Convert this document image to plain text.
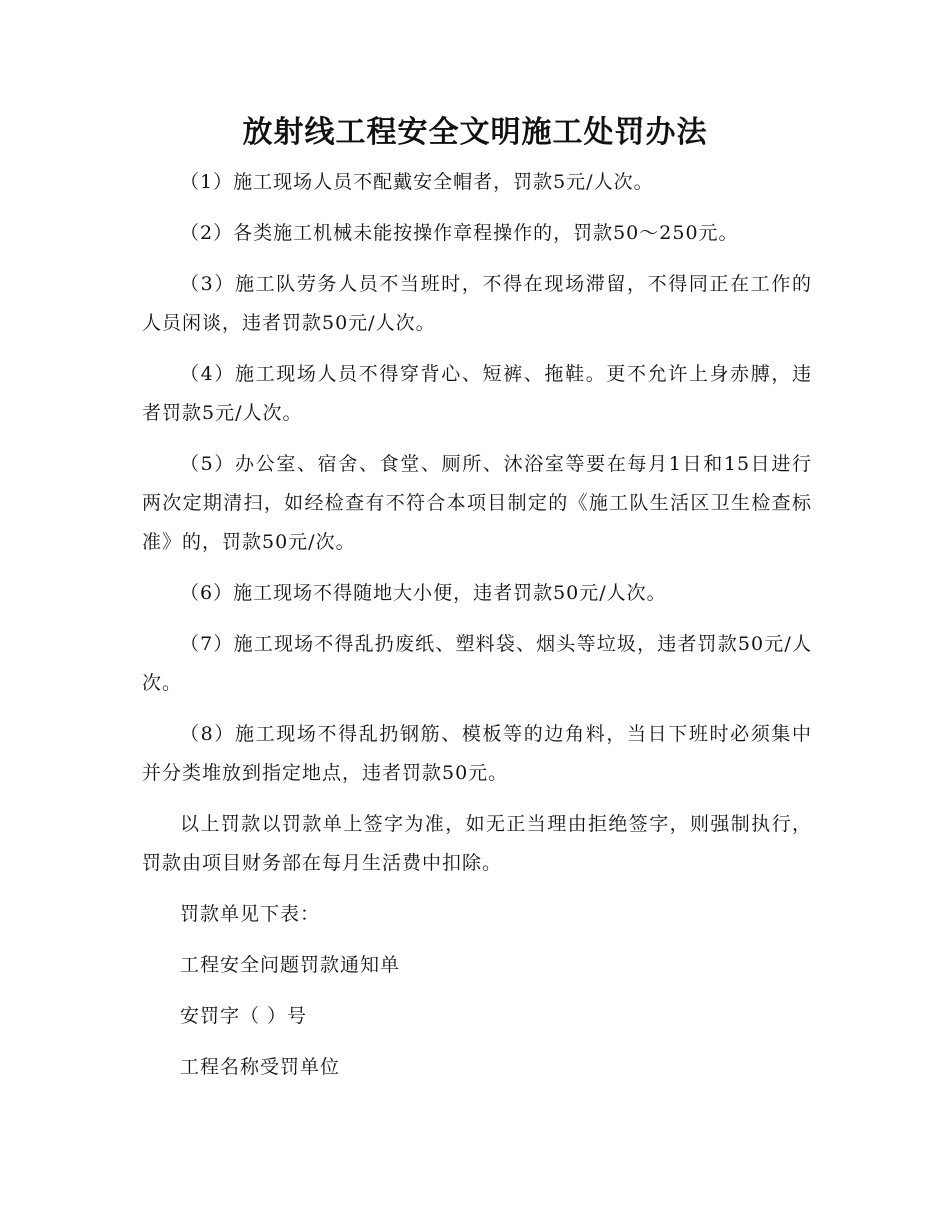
放射线工程安全文明施工处罚办法

（1）施工现场人员不配戴安全帽者，罚款5元/人次。

（2）各类施工机械未能按操作章程操作的，罚款50～250元。

（3）施工队劳务人员不当班时，不得在现场滞留，不得同正在工作的人员闲谈，违者罚款50元/人次。

（4）施工现场人员不得穿背心、短裤、拖鞋。更不允许上身赤膊，违者罚款5元/人次。

（5）办公室、宿舍、食堂、厕所、沐浴室等要在每月1日和15日进行两次定期清扫，如经检查有不符合本项目制定的《施工队生活区卫生检查标准》的，罚款50元/次。

（6）施工现场不得随地大小便，违者罚款50元/人次。

（7）施工现场不得乱扔废纸、塑料袋、烟头等垃圾，违者罚款50元/人次。

（8）施工现场不得乱扔钢筋、模板等的边角料，当日下班时必须集中并分类堆放到指定地点，违者罚款50元。

以上罚款以罚款单上签字为准，如无正当理由拒绝签字，则强制执行，罚款由项目财务部在每月生活费中扣除。

罚款单见下表：

工程安全问题罚款通知单

安罚字（ ）号

工程名称受罚单位
